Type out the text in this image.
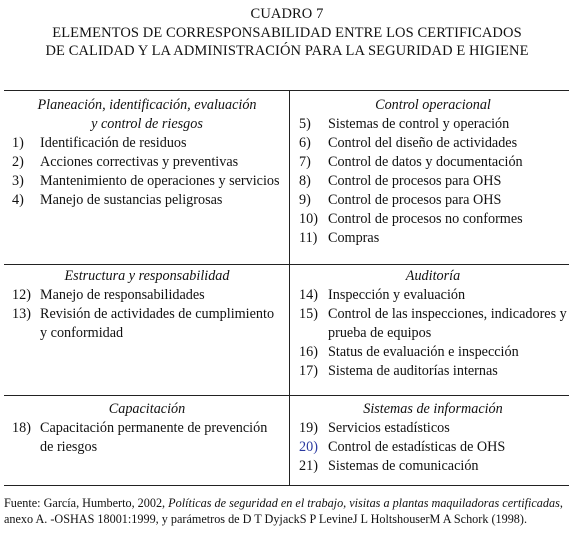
CUADRO 7
ELEMENTOS DE CORRESPONSABILIDAD ENTRE LOS CERTIFICADOS
DE CALIDAD Y LA ADMINISTRACIÓN PARA LA SEGURIDAD E HIGIENE
Planeación, identificación, evaluación
y control de riesgos
1)	Identificación de residuos
2)	Acciones correctivas y preventivas
3)	Mantenimiento de operaciones y servicios
4)	Manejo de sustancias peligrosas
Control operacional
5)	Sistemas de control y operación
6)	Control del diseño de actividades
7)	Control de datos y documentación
8)	Control de procesos para OHS
9)	Control de procesos para OHS
10) Control de procesos no conformes
11) Compras
Estructura y responsabilidad
12) Manejo de responsabilidades
13) Revisión de actividades de cumplimiento y conformidad
Auditoría
14) Inspección y evaluación
15) Control de las inspecciones, indicadores y prueba de equipos
16) Status de evaluación e inspección
17) Sistema de auditorías internas
Capacitación
18) Capacitación permanente de prevención de riesgos
Sistemas de información
19) Servicios estadísticos
20) Control de estadísticas de OHS
21) Sistemas de comunicación
Fuente: García, Humberto, 2002, Políticas de seguridad en el trabajo, visitas a plantas maquiladoras certificadas, anexo A. -OSHAS 18001:1999, y parámetros de D T DyjackS P LevineJ L HoltshouserM A Schork (1998).
